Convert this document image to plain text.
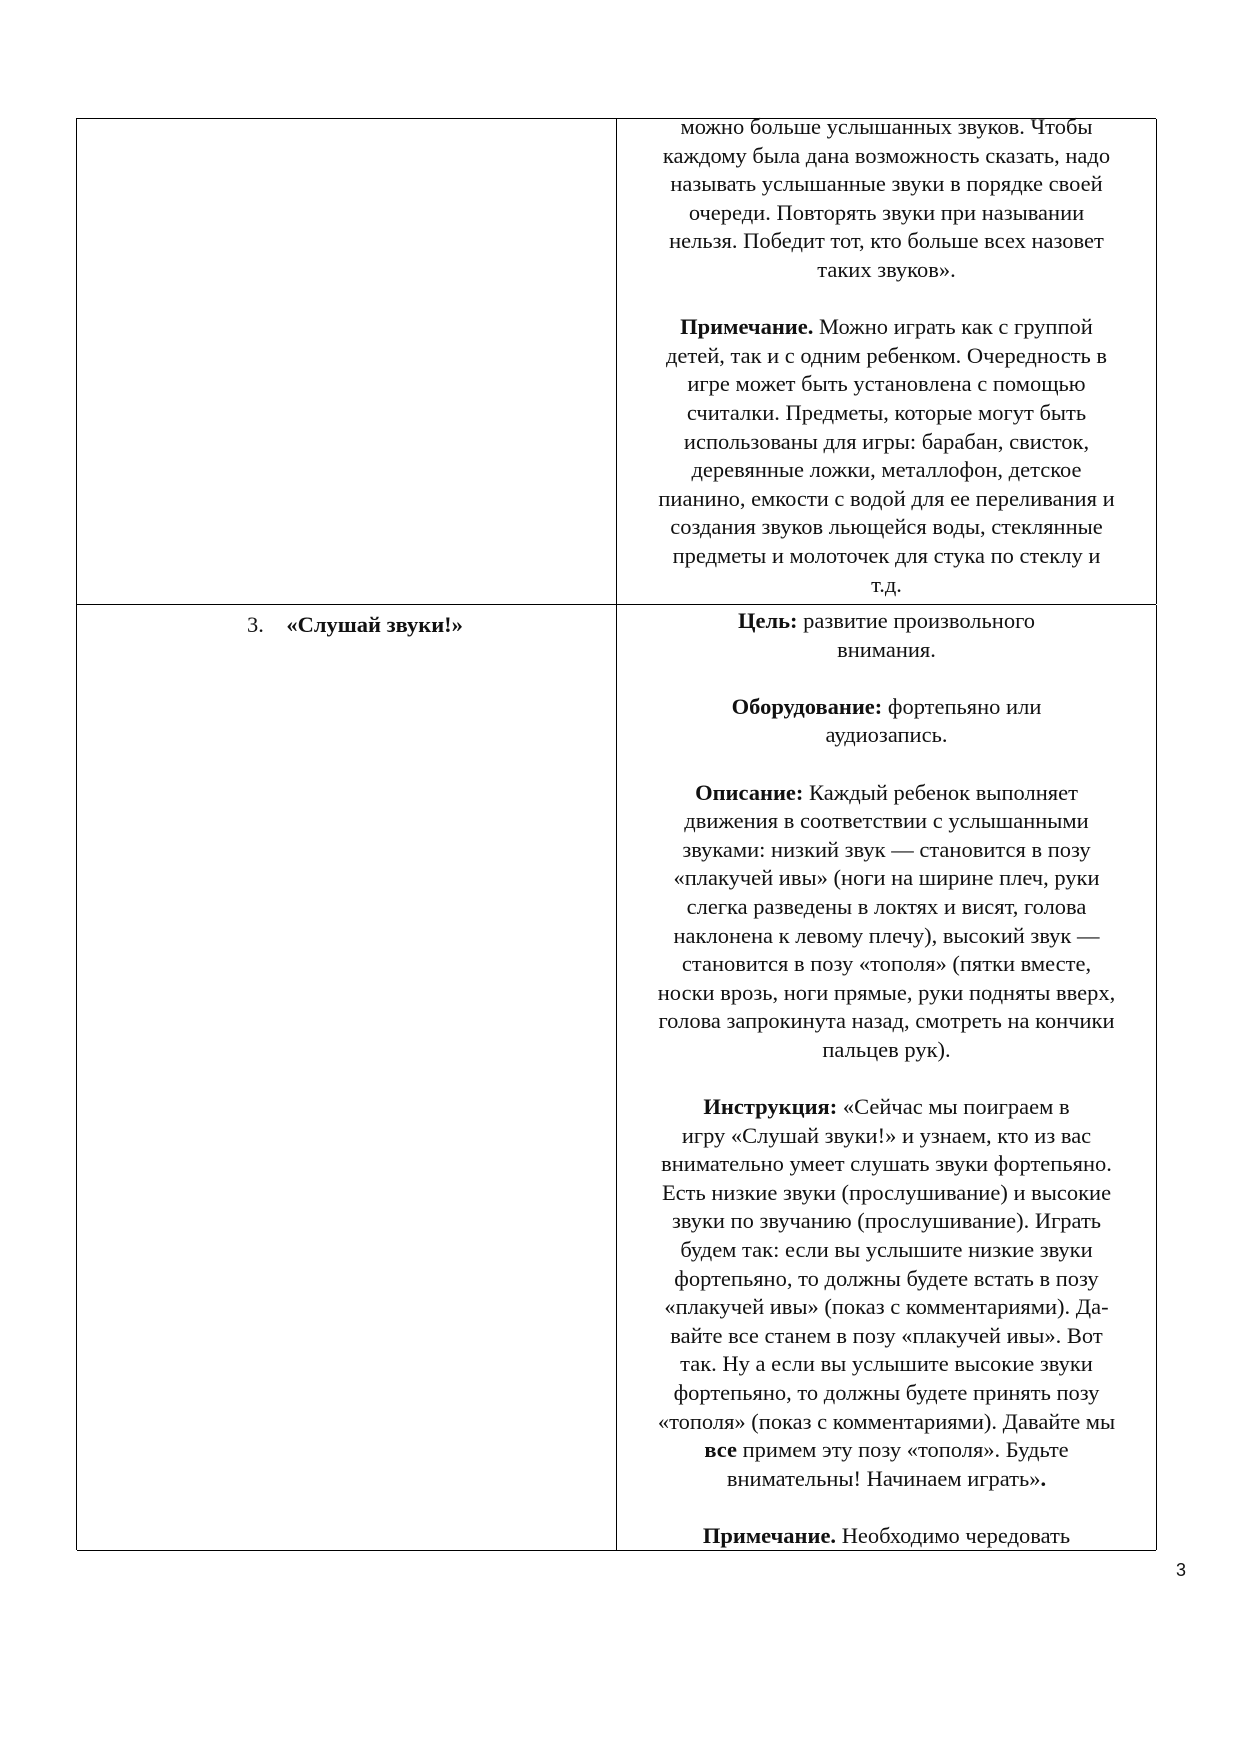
можно больше услышанных звуков. Чтобы
каждому была дана возможность сказать, надо
называть услышанные звуки в порядке своей
очереди. Повторять звуки при назывании
нельзя. Победит тот, кто больше всех назовет
таких звуков».

Примечание. Можно играть как с группой
детей, так и с одним ребенком. Очередность в
игре может быть установлена с помощью
считалки. Предметы, которые могут быть
использованы для игры: барабан, свисток,
деревянные ложки, металлофон, детское
пианино, емкости с водой для ее переливания и
создания звуков льющейся воды, стеклянные
предметы и молоточек для стука по стеклу и
т.д.
3. «Слушай звуки!»	Цель: развитие произвольного
внимания.

Оборудование: фортепьяно или
аудиозапись.

Описание: Каждый ребенок выполняет
движения в соответствии с услышанными
звуками: низкий звук — становится в позу
«плакучей ивы» (ноги на ширине плеч, руки
слегка разведены в локтях и висят, голова
наклонена к левому плечу), высокий звук —
становится в позу «тополя» (пятки вместе,
носки врозь, ноги прямые, руки подняты вверх,
голова запрокинута назад, смотреть на кончики
пальцев рук).

Инструкция: «Сейчас мы поиграем в
игру «Слушай звуки!» и узнаем, кто из вас
внимательно умеет слушать звуки фортепьяно.
Есть низкие звуки (прослушивание) и высокие
звуки по звучанию (прослушивание). Играть
будем так: если вы услышите низкие звуки
фортепьяно, то должны будете встать в позу
«плакучей ивы» (показ с комментариями). Да-
вайте все станем в позу «плакучей ивы». Вот
так. Ну а если вы услышите высокие звуки
фортепьяно, то должны будете принять позу
«тополя» (показ с комментариями). Давайте мы
все примем эту позу «тополя». Будьте
внимательны! Начинаем играть».

Примечание. Необходимо чередовать
3
